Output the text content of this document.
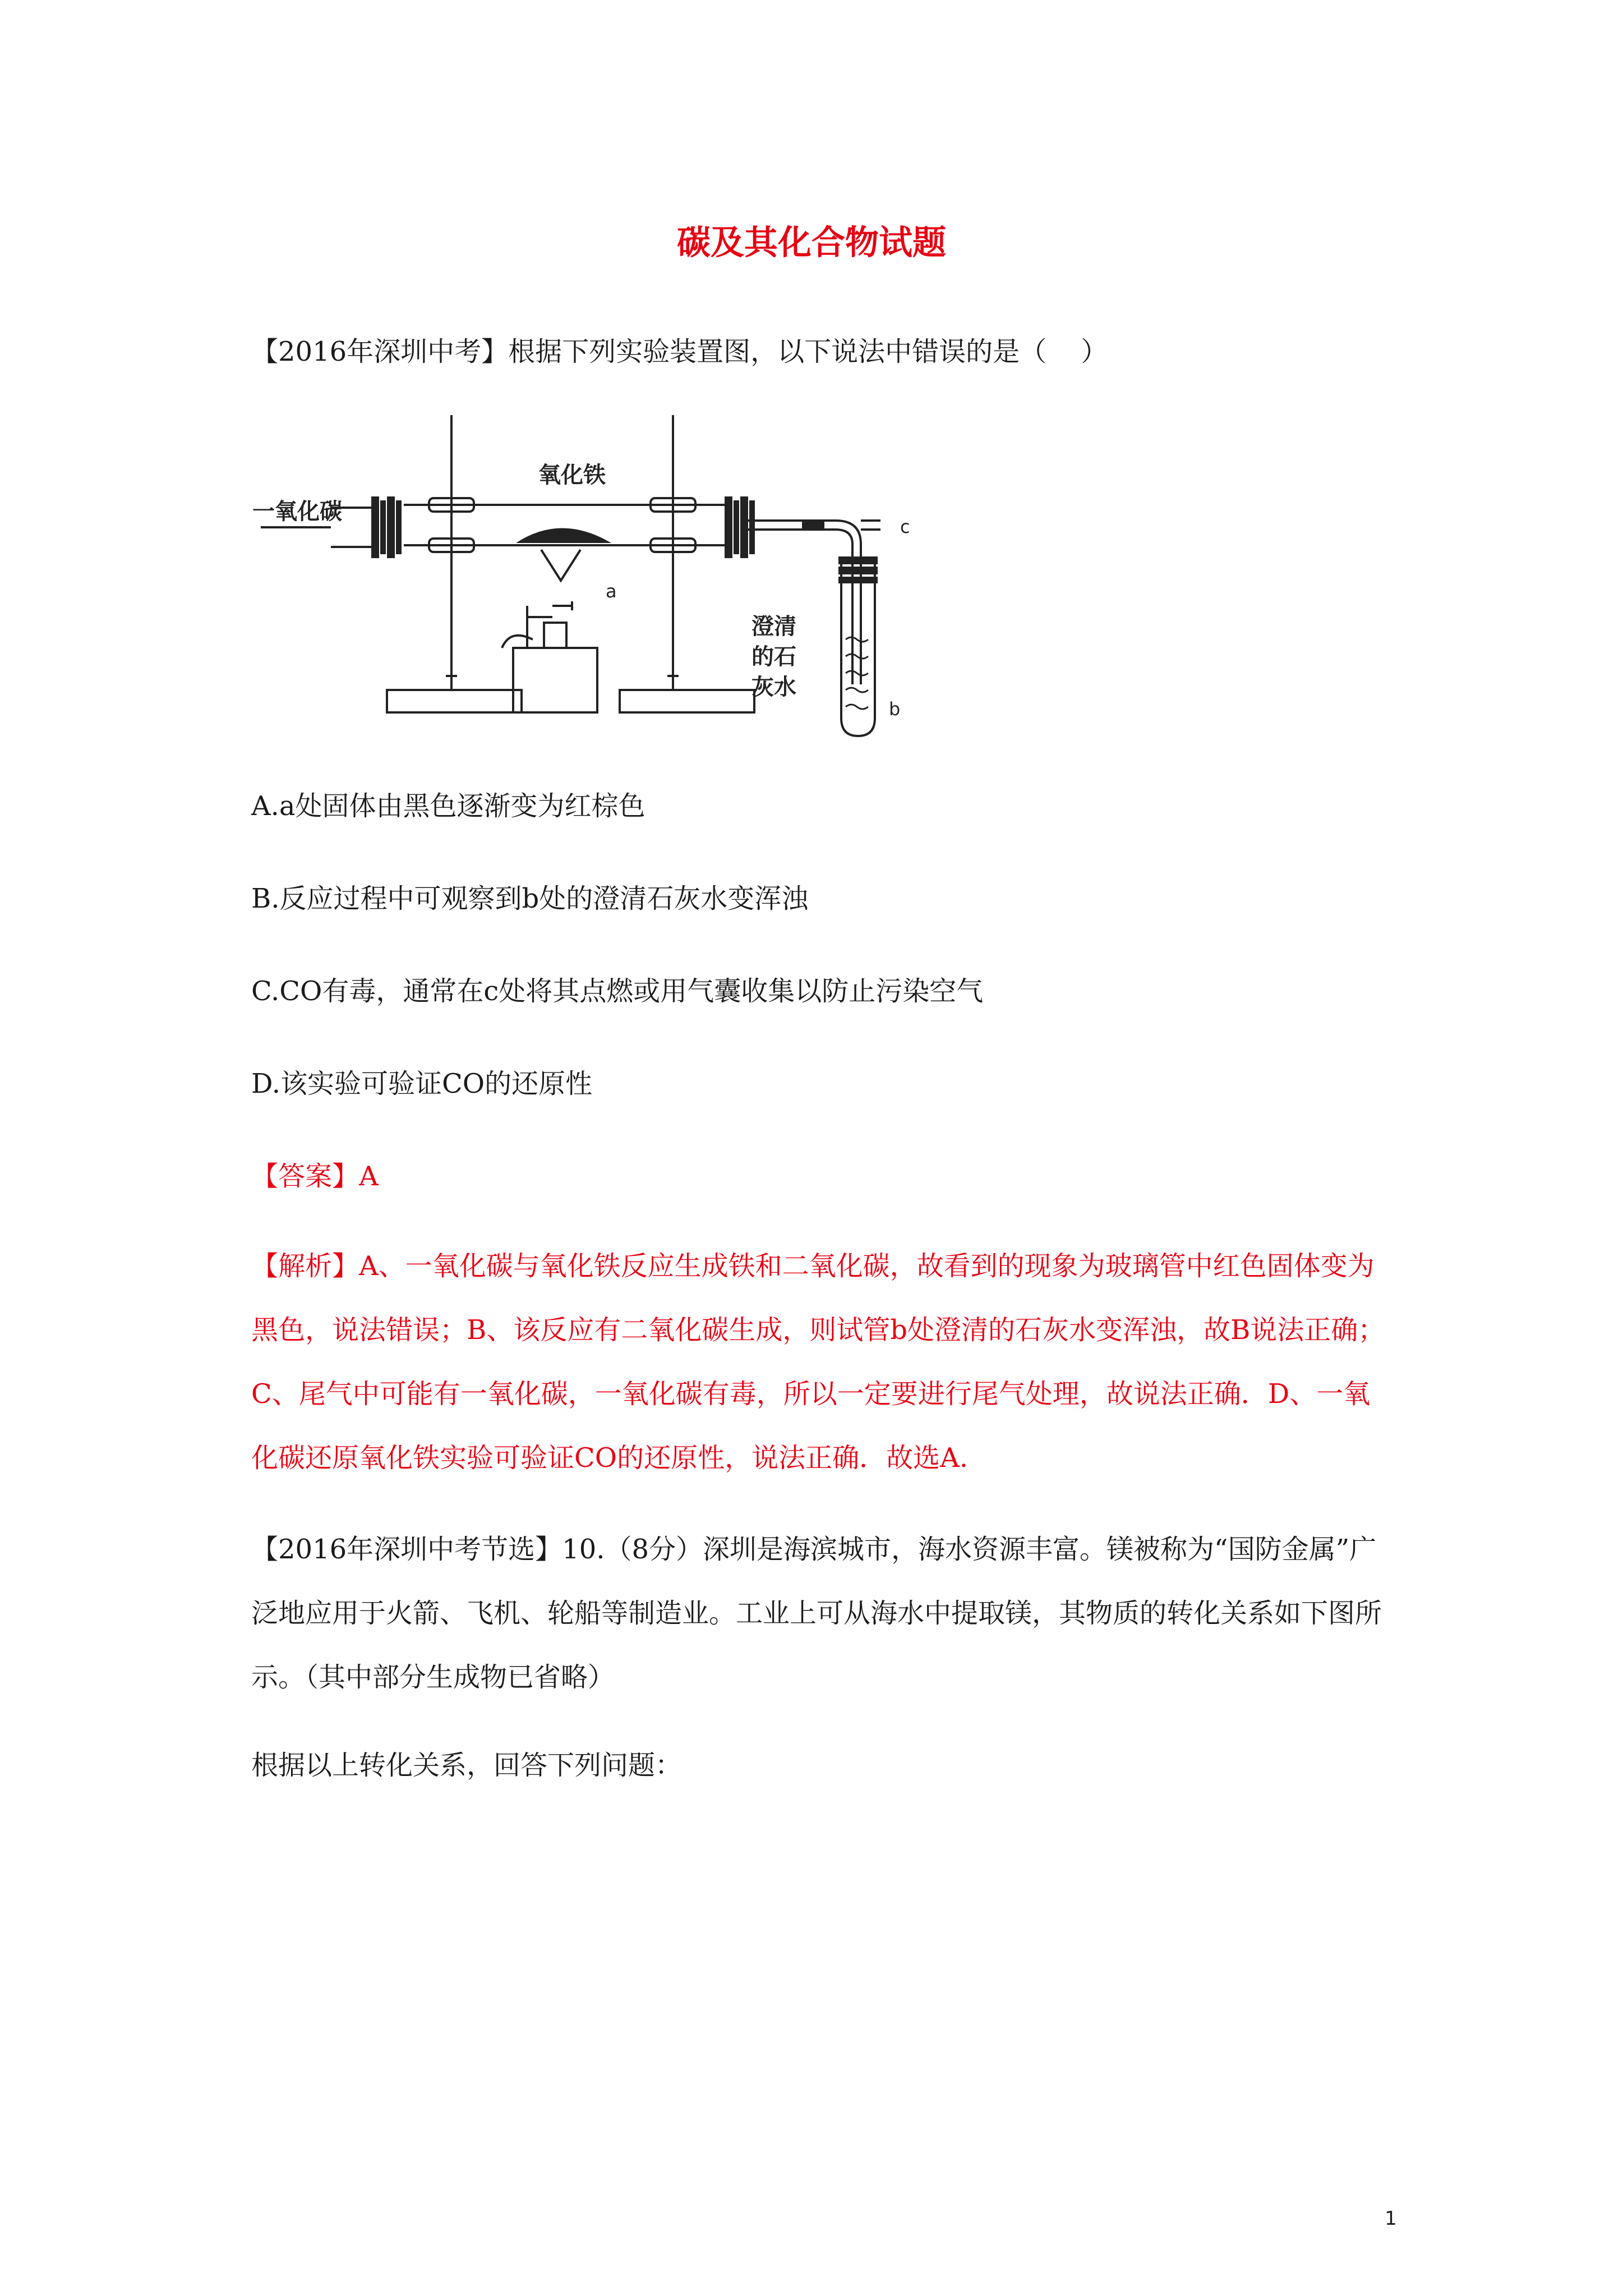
碳及其化合物试题
【2016年深圳中考】根据下列实验装置图，以下说法中错误的是（    ）
一氧化碳
氧化铁
a
c
b
澄清
的石
灰水
A.a处固体由黑色逐渐变为红棕色
B.反应过程中可观察到b处的澄清石灰水变浑浊
C.CO有毒，通常在c处将其点燃或用气囊收集以防止污染空气
D.该实验可验证CO的还原性
【答案】A
【解析】A、一氧化碳与氧化铁反应生成铁和二氧化碳，故看到的现象为玻璃管中红色固体变为黑色，说法错误；B、该反应有二氧化碳生成，则试管b处澄清的石灰水变浑浊，故B说法正确；C、尾气中可能有一氧化碳，一氧化碳有毒，所以一定要进行尾气处理，故说法正确．D、一氧化碳还原氧化铁实验可验证CO的还原性，说法正确．故选A.
【2016年深圳中考节选】10.（8分）深圳是海滨城市，海水资源丰富。镁被称为“国防金属”广泛地应用于火箭、飞机、轮船等制造业。工业上可从海水中提取镁，其物质的转化关系如下图所示。（其中部分生成物已省略）
根据以上转化关系，回答下列问题：
1
